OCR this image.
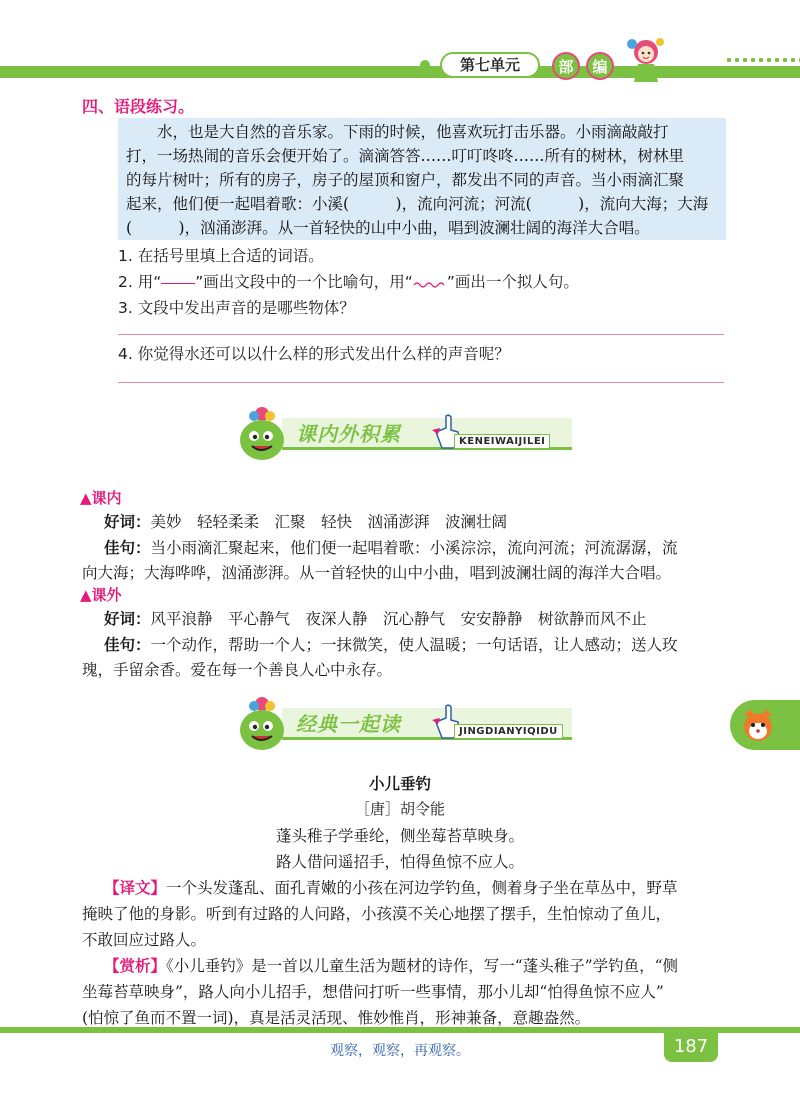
第七单元	部	编
四、语段练习。
　　水，也是大自然的音乐家。下雨的时候，他喜欢玩打击乐器。小雨滴敲敲打
打，一场热闹的音乐会便开始了。滴滴答答……叮叮咚咚……所有的树林，树林里
的每片树叶；所有的房子，房子的屋顶和窗户，都发出不同的声音。当小雨滴汇聚
起来，他们便一起唱着歌：小溪(　　　)，流向河流；河流(　　　)，流向大海；大海
(　　　)，汹涌澎湃。从一首轻快的山中小曲，唱到波澜壮阔的海洋大合唱。
1. 在括号里填上合适的词语。
2. 用“ ”画出文段中的一个比喻句，用“ ”画出一个拟人句。
3. 文段中发出声音的是哪些物体？
4. 你觉得水还可以以什么样的形式发出什么样的声音呢？
课内外积累	KENEIWAIJILEI
▲课内
好词：美妙　轻轻柔柔　汇聚　轻快　汹涌澎湃　波澜壮阔
佳句：当小雨滴汇聚起来，他们便一起唱着歌：小溪淙淙，流向河流；河流潺潺，流
向大海；大海哗哗，汹涌澎湃。从一首轻快的山中小曲，唱到波澜壮阔的海洋大合唱。
▲课外
好词：风平浪静　平心静气　夜深人静　沉心静气　安安静静　树欲静而风不止
佳句：一个动作，帮助一个人；一抹微笑，使人温暖；一句话语，让人感动；送人玫
瑰，手留余香。爱在每一个善良人心中永存。
经典一起读	JINGDIANYIQIDU
小儿垂钓
［唐］胡令能
蓬头稚子学垂纶，侧坐莓苔草映身。
路人借问遥招手，怕得鱼惊不应人。
【译文】一个头发蓬乱、面孔青嫩的小孩在河边学钓鱼，侧着身子坐在草丛中，野草
掩映了他的身影。听到有过路的人问路，小孩漠不关心地摆了摆手，生怕惊动了鱼儿，
不敢回应过路人。
【赏析】《小儿垂钓》是一首以儿童生活为题材的诗作，写一“蓬头稚子”学钓鱼，“侧
坐莓苔草映身”，路人向小儿招手，想借问打听一些事情，那小儿却“怕得鱼惊不应人”
(怕惊了鱼而不置一词)，真是活灵活现、惟妙惟肖，形神兼备，意趣盎然。
观察，观察，再观察。	187
